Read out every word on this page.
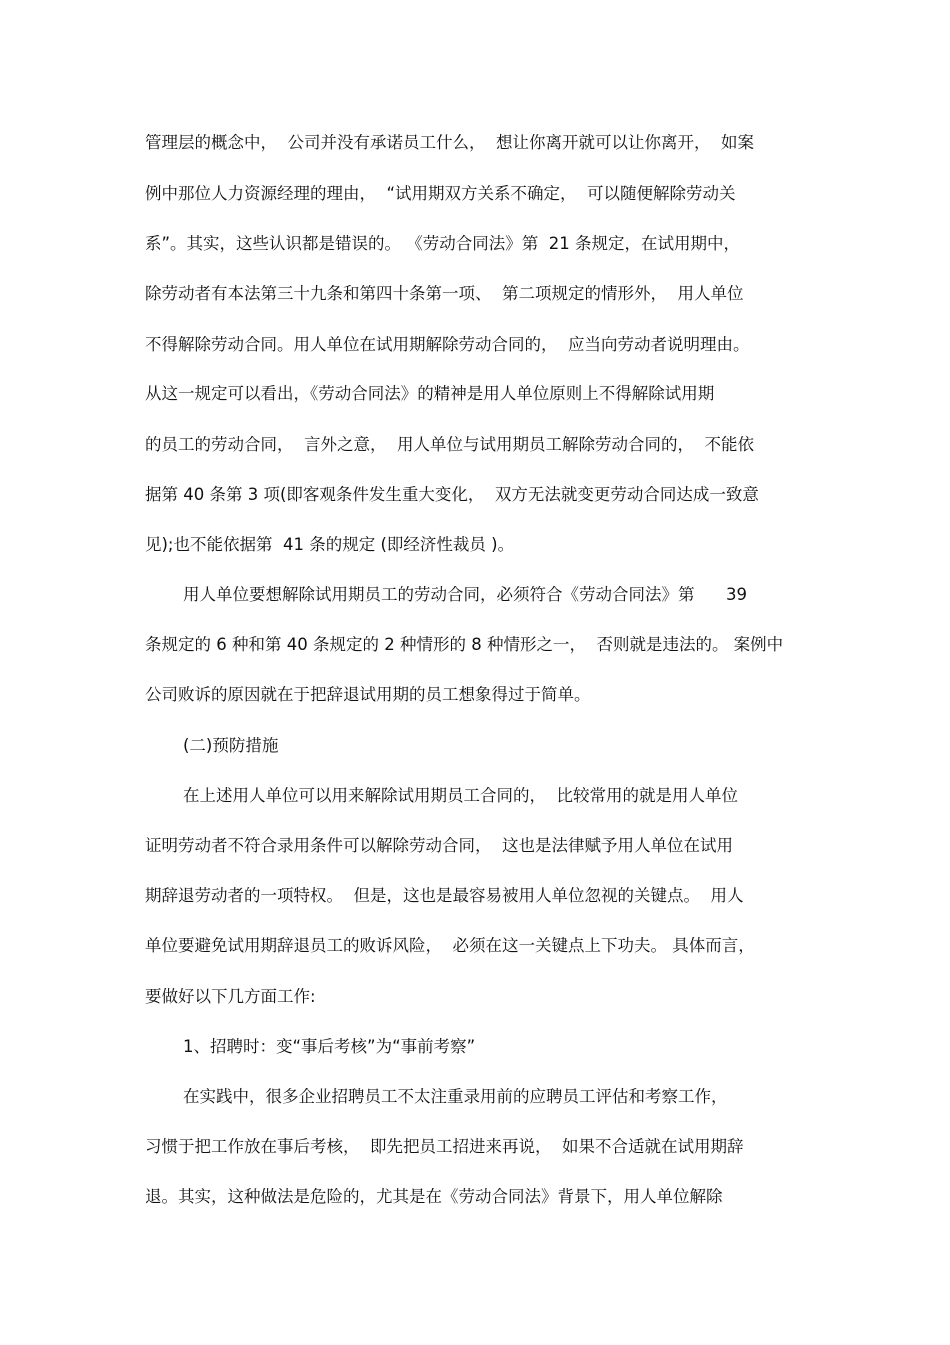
管理层的概念中，  公司并没有承诺员工什么，  想让你离开就可以让你离开，  如案
例中那位人力资源经理的理由，  “试用期双方关系不确定，  可以随便解除劳动关
系”。其实，这些认识都是错误的。 《劳动合同法》第  21 条规定，在试用期中，
除劳动者有本法第三十九条和第四十条第一项、  第二项规定的情形外，  用人单位
不得解除劳动合同。用人单位在试用期解除劳动合同的，  应当向劳动者说明理由。
从这一规定可以看出，《劳动合同法》的精神是用人单位原则上不得解除试用期
的员工的劳动合同，  言外之意，  用人单位与试用期员工解除劳动合同的，  不能依
据第 40 条第 3 项(即客观条件发生重大变化，  双方无法就变更劳动合同达成一致意
见);也不能依据第  41 条的规定 (即经济性裁员 )。
用人单位要想解除试用期员工的劳动合同，必须符合《劳动合同法》第      39
条规定的 6 种和第 40 条规定的 2 种情形的 8 种情形之一，  否则就是违法的。 案例中
公司败诉的原因就在于把辞退试用期的员工想象得过于简单。
(二)预防措施
在上述用人单位可以用来解除试用期员工合同的，  比较常用的就是用人单位
证明劳动者不符合录用条件可以解除劳动合同，  这也是法律赋予用人单位在试用
期辞退劳动者的一项特权。  但是，这也是最容易被用人单位忽视的关键点。  用人
单位要避免试用期辞退员工的败诉风险，  必须在这一关键点上下功夫。 具体而言，
要做好以下几方面工作:
1、招聘时：变“事后考核”为“事前考察”
在实践中，很多企业招聘员工不太注重录用前的应聘员工评估和考察工作，
习惯于把工作放在事后考核，  即先把员工招进来再说，  如果不合适就在试用期辞
退。其实，这种做法是危险的，尤其是在《劳动合同法》背景下，用人单位解除
